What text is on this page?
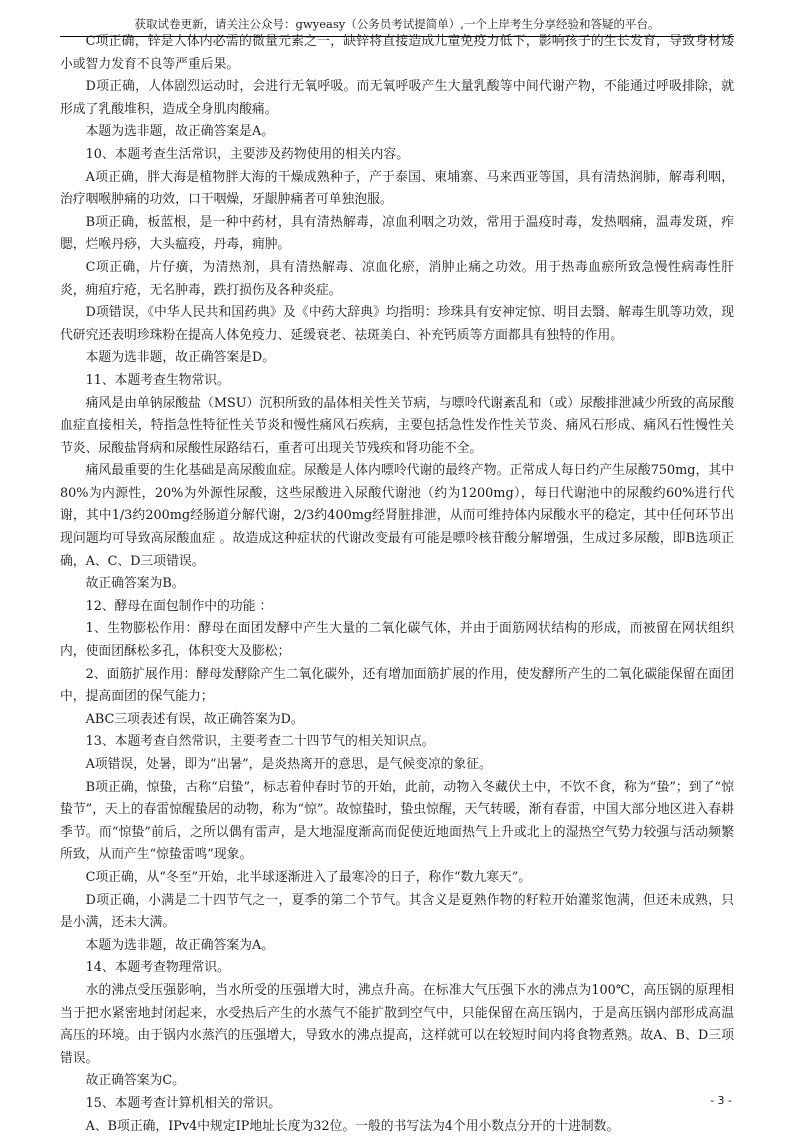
获取试卷更新，请关注公众号：gwyeasy（公务员考试提简单）,一个上岸考生分享经验和答疑的平台。

C项正确，锌是人体内必需的微量元素之一，缺锌将直接造成儿童免疫力低下，影响孩子的生长发育，导致身材矮小或智力发育不良等严重后果。

D项正确，人体剧烈运动时，会进行无氧呼吸。而无氧呼吸产生大量乳酸等中间代谢产物，不能通过呼吸排除，就形成了乳酸堆积，造成全身肌肉酸痛。

本题为选非题，故正确答案是A。

10、本题考查生活常识，主要涉及药物使用的相关内容。

A项正确，胖大海是植物胖大海的干燥成熟种子，产于泰国、柬埔寨、马来西亚等国，具有清热润肺，解毒利咽，治疗咽喉肿痛的功效，口干咽燥，牙龈肿痛者可单独泡服。

B项正确，板蓝根，是一种中药材，具有清热解毒，凉血利咽之功效，常用于温疫时毒，发热咽痛，温毒发斑，痄腮，烂喉丹痧，大头瘟疫，丹毒，痈肿。

C项正确，片仔癀，为清热剂，具有清热解毒、凉血化瘀，消肿止痛之功效。用于热毒血瘀所致急慢性病毒性肝炎，痈疽疔疮，无名肿毒，跌打损伤及各种炎症。

D项错误，《中华人民共和国药典》及《中药大辞典》均指明：珍珠具有安神定惊、明目去翳、解毒生肌等功效，现代研究还表明珍珠粉在提高人体免疫力、延缓衰老、祛斑美白、补充钙质等方面都具有独特的作用。

本题为选非题，故正确答案是D。

11、本题考查生物常识。

痛风是由单钠尿酸盐（MSU）沉积所致的晶体相关性关节病，与嘌呤代谢紊乱和（或）尿酸排泄减少所致的高尿酸血症直接相关，特指急性特征性关节炎和慢性痛风石疾病，主要包括急性发作性关节炎、痛风石形成、痛风石性慢性关节炎、尿酸盐肾病和尿酸性尿路结石，重者可出现关节残疾和肾功能不全。

痛风最重要的生化基础是高尿酸血症。尿酸是人体内嘌呤代谢的最终产物。正常成人每日约产生尿酸750mg，其中80%为内源性，20%为外源性尿酸，这些尿酸进入尿酸代谢池（约为1200mg），每日代谢池中的尿酸约60%进行代谢，其中1/3约200mg经肠道分解代谢，2/3约400mg经肾脏排泄，从而可维持体内尿酸水平的稳定，其中任何环节出现问题均可导致高尿酸血症 。故造成这种症状的代谢改变最有可能是嘌呤核苷酸分解增强，生成过多尿酸，即B选项正确，A、C、D三项错误。

故正确答案为B。

12、酵母在面包制作中的功能 ：

1、生物膨松作用：酵母在面团发酵中产生大量的二氧化碳气体，并由于面筋网状结构的形成，而被留在网状组织内，使面团酥松多孔，体积变大及膨松；

2、面筋扩展作用：酵母发酵除产生二氧化碳外，还有增加面筋扩展的作用，使发酵所产生的二氧化碳能保留在面团中，提高面团的保气能力；

ABC三项表述有误，故正确答案为D。

13、本题考查自然常识，主要考查二十四节气的相关知识点。

A项错误，处暑，即为“出暑”，是炎热离开的意思，是气候变凉的象征。

B项正确，惊蛰，古称“启蛰”，标志着仲春时节的开始，此前，动物入冬藏伏土中，不饮不食，称为“蛰”；到了“惊蛰节”，天上的春雷惊醒蛰居的动物，称为“惊”。故惊蛰时，蛰虫惊醒，天气转暖，渐有春雷，中国大部分地区进入春耕季节。而“惊蛰”前后，之所以偶有雷声，是大地湿度渐高而促使近地面热气上升或北上的湿热空气势力较强与活动频繁所致，从而产生“惊蛰雷鸣”现象。

C项正确，从“冬至”开始，北半球逐渐进入了最寒冷的日子，称作“数九寒天”。

D项正确，小满是二十四节气之一，夏季的第二个节气。其含义是夏熟作物的籽粒开始灌浆饱满，但还未成熟，只是小满，还未大满。

本题为选非题，故正确答案为A。

14、本题考查物理常识。

水的沸点受压强影响，当水所受的压强增大时，沸点升高。在标准大气压强下水的沸点为100℃，高压锅的原理相当于把水紧密地封闭起来，水受热后产生的水蒸气不能扩散到空气中，只能保留在高压锅内，于是高压锅内部形成高温高压的环境。由于锅内水蒸汽的压强增大，导致水的沸点提高，这样就可以在较短时间内将食物煮熟。故A、B、D三项错误。

故正确答案为C。

15、本题考查计算机相关的常识。

A、B项正确，IPv4中规定IP地址长度为32位。一般的书写法为4个用小数点分开的十进制数。

- 3 -
